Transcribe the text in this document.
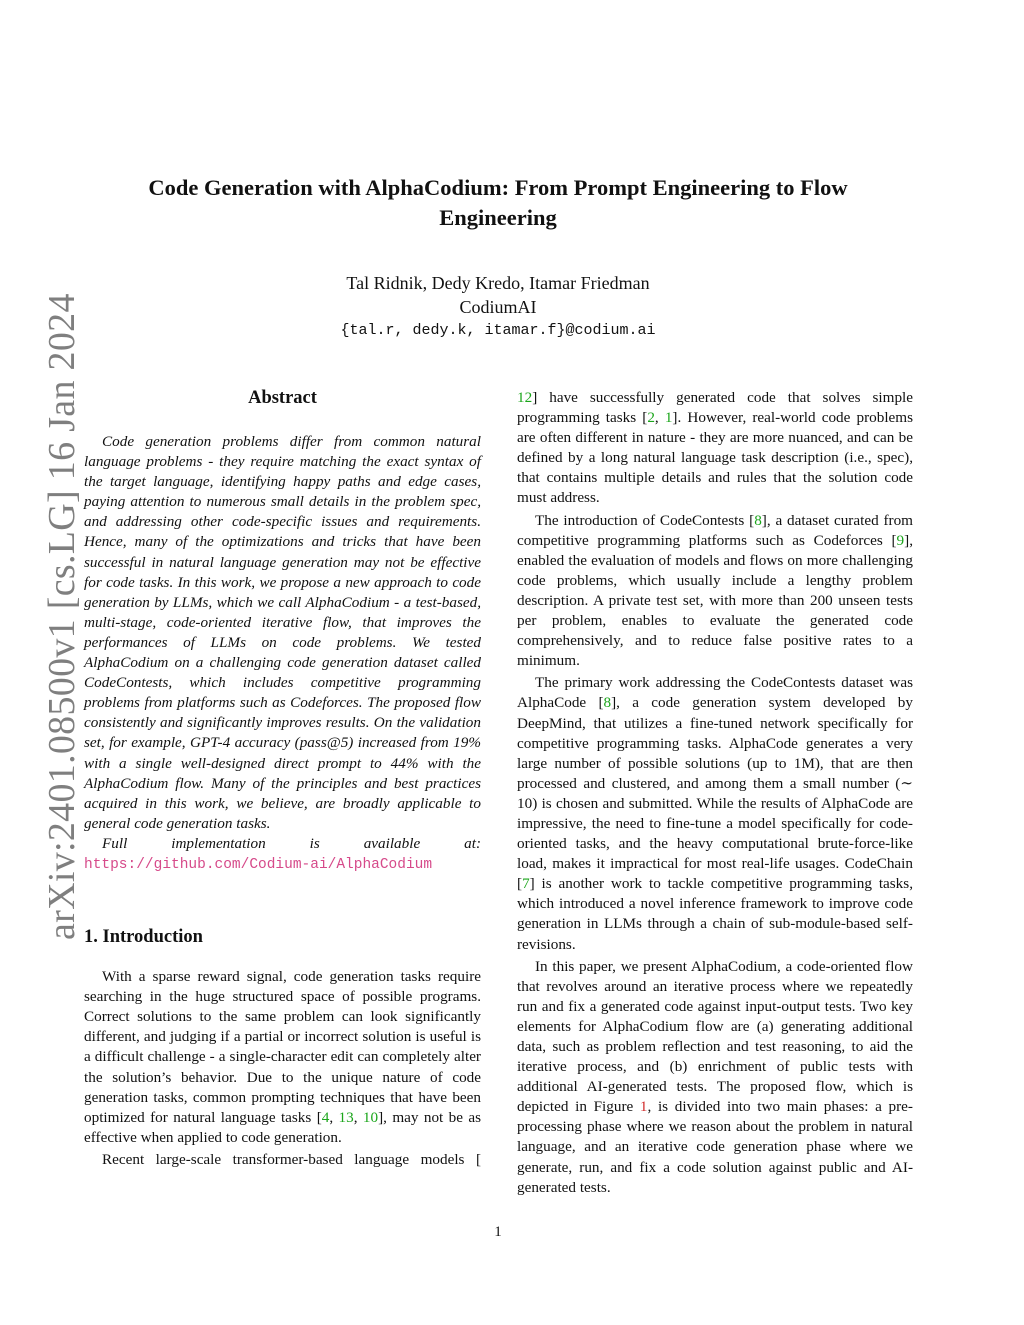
arXiv:2401.08500v1 [cs.LG] 16 Jan 2024
Code Generation with AlphaCodium: From Prompt Engineering to Flow Engineering
Tal Ridnik, Dedy Kredo, Itamar Friedman
CodiumAI
{tal.r, dedy.k, itamar.f}@codium.ai
Abstract

Code generation problems differ from common natural language problems - they require matching the exact syntax of the target language, identifying happy paths and edge cases, paying attention to numerous small details in the problem spec, and addressing other code-specific issues and requirements. Hence, many of the optimizations and tricks that have been successful in natural language generation may not be effective for code tasks. In this work, we propose a new approach to code generation by LLMs, which we call AlphaCodium - a test-based, multi-stage, code-oriented iterative flow, that improves the performances of LLMs on code problems. We tested AlphaCodium on a challenging code generation dataset called CodeContests, which includes competitive programming problems from platforms such as Codeforces. The proposed flow consistently and significantly improves results. On the validation set, for example, GPT-4 accuracy (pass@5) increased from 19% with a single well-designed direct prompt to 44% with the AlphaCodium flow. Many of the principles and best practices acquired in this work, we believe, are broadly applicable to general code generation tasks.

Full implementation is available at: https://github.com/Codium-ai/AlphaCodium

1. Introduction

With a sparse reward signal, code generation tasks require searching in the huge structured space of possible programs. Correct solutions to the same problem can look significantly different, and judging if a partial or incorrect solution is useful is a difficult challenge - a single-character edit can completely alter the solution’s behavior. Due to the unique nature of code generation tasks, common prompting techniques that have been optimized for natural language tasks [4, 13, 10], may not be as effective when applied to code generation.

Recent large-scale transformer-based language models [

12] have successfully generated code that solves simple programming tasks [2, 1]. However, real-world code problems are often different in nature - they are more nuanced, and can be defined by a long natural language task description (i.e., spec), that contains multiple details and rules that the solution code must address.

The introduction of CodeContests [8], a dataset curated from competitive programming platforms such as Codeforces [9], enabled the evaluation of models and flows on more challenging code problems, which usually include a lengthy problem description. A private test set, with more than 200 unseen tests per problem, enables to evaluate the generated code comprehensively, and to reduce false positive rates to a minimum.

The primary work addressing the CodeContests dataset was AlphaCode [8], a code generation system developed by DeepMind, that utilizes a fine-tuned network specifically for competitive programming tasks. AlphaCode generates a very large number of possible solutions (up to 1M), that are then processed and clustered, and among them a small number (∼ 10) is chosen and submitted. While the results of AlphaCode are impressive, the need to fine-tune a model specifically for code-oriented tasks, and the heavy computational brute-force-like load, makes it impractical for most real-life usages. CodeChain [7] is another work to tackle competitive programming tasks, which introduced a novel inference framework to improve code generation in LLMs through a chain of sub-module-based self-revisions.

In this paper, we present AlphaCodium, a code-oriented flow that revolves around an iterative process where we repeatedly run and fix a generated code against input-output tests. Two key elements for AlphaCodium flow are (a) generating additional data, such as problem reflection and test reasoning, to aid the iterative process, and (b) enrichment of public tests with additional AI-generated tests. The proposed flow, which is depicted in Figure 1, is divided into two main phases: a pre-processing phase where we reason about the problem in natural language, and an iterative code generation phase where we generate, run, and fix a code solution against public and AI-generated tests.

1
